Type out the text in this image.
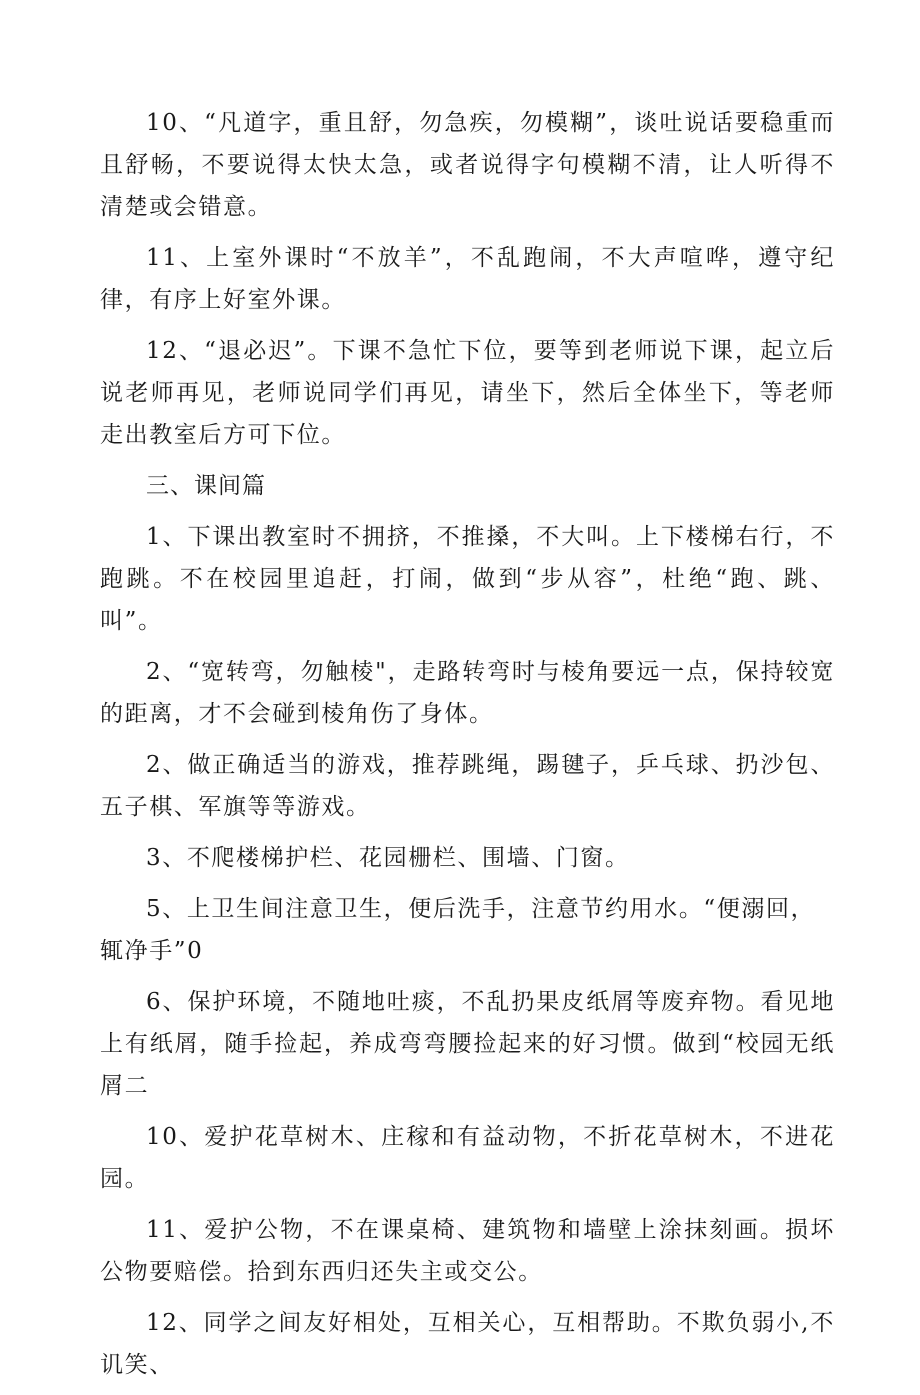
10、“凡道字，重且舒，勿急疾，勿模糊”，谈吐说话要稳重而且舒畅，不要说得太快太急，或者说得字句模糊不清，让人听得不清楚或会错意。

11、上室外课时“不放羊”，不乱跑闹，不大声喧哗，遵守纪律，有序上好室外课。

12、“退必迟”。下课不急忙下位，要等到老师说下课，起立后说老师再见，老师说同学们再见，请坐下，然后全体坐下，等老师走出教室后方可下位。

三、课间篇

1、下课出教室时不拥挤，不推搡，不大叫。上下楼梯右行，不跑跳。不在校园里追赶，打闹，做到“步从容”，杜绝“跑、跳、叫”。

2、“宽转弯，勿触棱"，走路转弯时与棱角要远一点，保持较宽的距离，才不会碰到棱角伤了身体。

2、做正确适当的游戏，推荐跳绳，踢毽子，乒乓球、扔沙包、五子棋、军旗等等游戏。

3、不爬楼梯护栏、花园栅栏、围墙、门窗。

5、上卫生间注意卫生，便后洗手，注意节约用水。“便溺回，

辄净手”0

6、保护环境，不随地吐痰，不乱扔果皮纸屑等废弃物。看见地上有纸屑，随手捡起，养成弯弯腰捡起来的好习惯。做到“校园无纸屑二

10、爱护花草树木、庄稼和有益动物，不折花草树木，不进花园。

11、爱护公物，不在课桌椅、建筑物和墙壁上涂抹刻画。损坏公物要赔偿。拾到东西归还失主或交公。

12、同学之间友好相处，互相关心，互相帮助。不欺负弱小,不讥笑、
